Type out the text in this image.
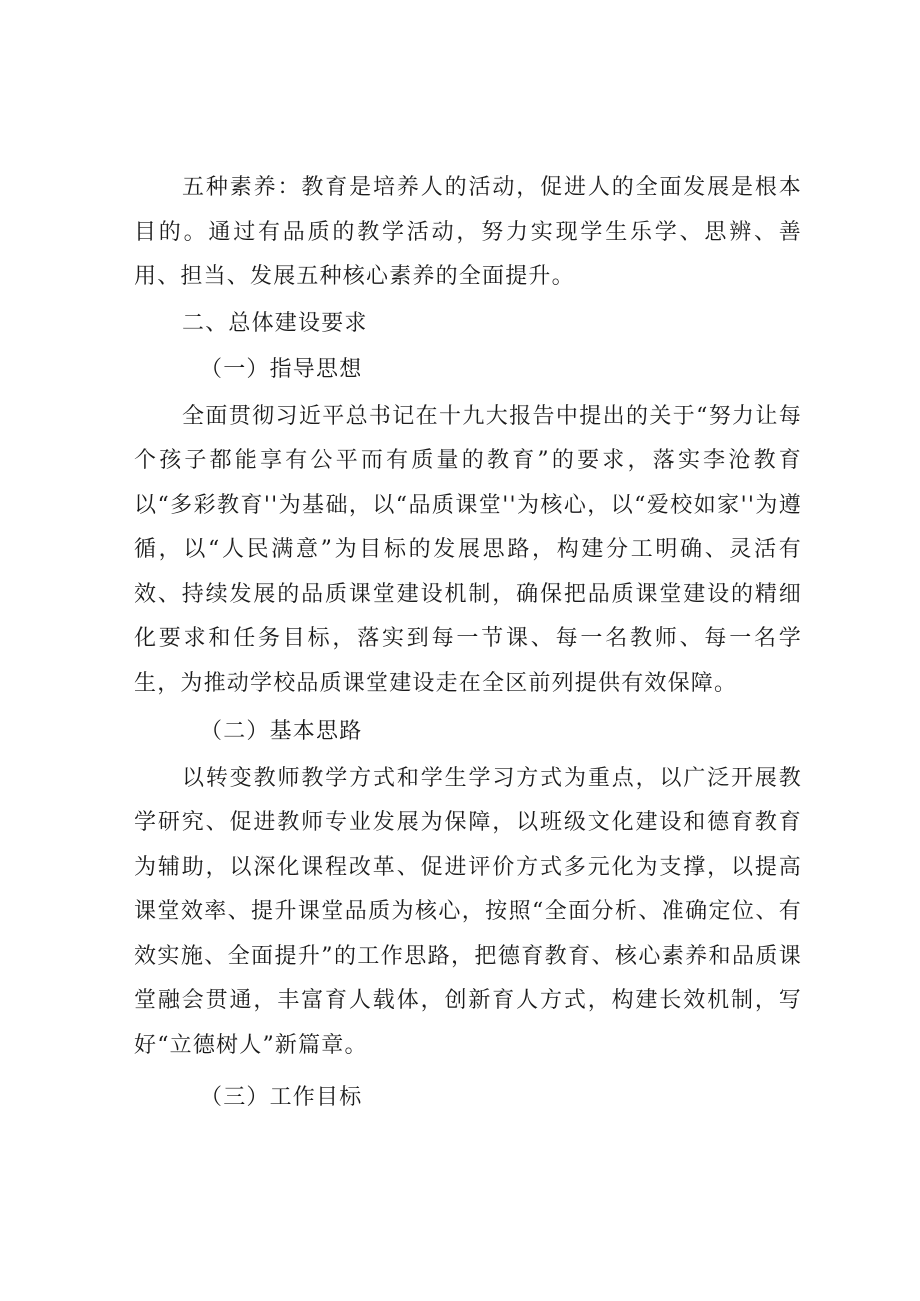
五种素养：教育是培养人的活动，促进人的全面发展是根本目的。通过有品质的教学活动，努力实现学生乐学、思辨、善用、担当、发展五种核心素养的全面提升。

二、总体建设要求

（一）指导思想

全面贯彻习近平总书记在十九大报告中提出的关于“努力让每个孩子都能享有公平而有质量的教育”的要求，落实李沧教育以“多彩教育''为基础，以“品质课堂''为核心，以“爱校如家''为遵循，以“人民满意”为目标的发展思路，构建分工明确、灵活有效、持续发展的品质课堂建设机制，确保把品质课堂建设的精细化要求和任务目标，落实到每一节课、每一名教师、每一名学生，为推动学校品质课堂建设走在全区前列提供有效保障。

（二）基本思路

以转变教师教学方式和学生学习方式为重点，以广泛开展教学研究、促进教师专业发展为保障，以班级文化建设和德育教育为辅助，以深化课程改革、促进评价方式多元化为支撑，以提高课堂效率、提升课堂品质为核心，按照“全面分析、准确定位、有效实施、全面提升”的工作思路，把德育教育、核心素养和品质课堂融会贯通，丰富育人载体，创新育人方式，构建长效机制，写好“立德树人”新篇章。

（三）工作目标
